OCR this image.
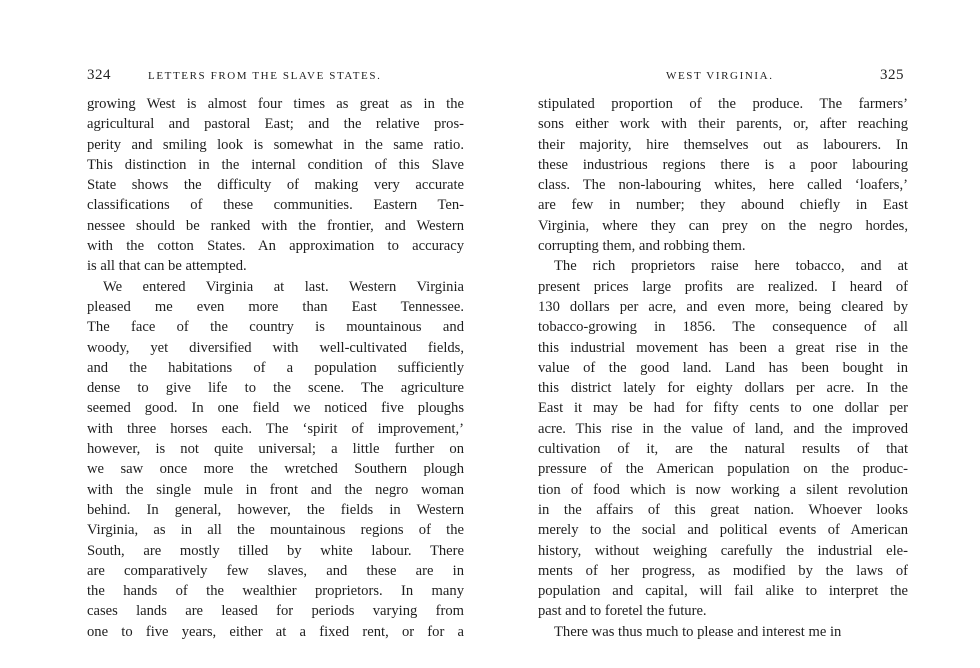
324	LETTERS FROM THE SLAVE STATES.
growing West is almost four times as great as in the
agricultural and pastoral East; and the relative pros-
perity and smiling look is somewhat in the same ratio.
This distinction in the internal condition of this Slave
State shows the difficulty of making very accurate
classifications of these communities. Eastern Ten-
nessee should be ranked with the frontier, and Western
with the cotton States. An approximation to accuracy
is all that can be attempted.
We entered Virginia at last. Western Virginia
pleased me even more than East Tennessee.
The face of the country is mountainous and
woody, yet diversified with well-cultivated fields,
and the habitations of a population sufficiently
dense to give life to the scene. The agriculture
seemed good. In one field we noticed five ploughs
with three horses each. The ‘spirit of improvement,’
however, is not quite universal; a little further on
we saw once more the wretched Southern plough
with the single mule in front and the negro woman
behind. In general, however, the fields in Western
Virginia, as in all the mountainous regions of the
South, are mostly tilled by white labour. There
are comparatively few slaves, and these are in
the hands of the wealthier proprietors. In many
cases lands are leased for periods varying from
one to five years, either at a fixed rent, or for a
WEST VIRGINIA.	325
stipulated proportion of the produce. The farmers’
sons either work with their parents, or, after reaching
their majority, hire themselves out as labourers. In
these industrious regions there is a poor labouring
class. The non-labouring whites, here called ‘loafers,’
are few in number; they abound chiefly in East
Virginia, where they can prey on the negro hordes,
corrupting them, and robbing them.
The rich proprietors raise here tobacco, and at
present prices large profits are realized. I heard of
130 dollars per acre, and even more, being cleared by
tobacco-growing in 1856. The consequence of all
this industrial movement has been a great rise in the
value of the good land. Land has been bought in
this district lately for eighty dollars per acre. In the
East it may be had for fifty cents to one dollar per
acre. This rise in the value of land, and the improved
cultivation of it, are the natural results of that
pressure of the American population on the produc-
tion of food which is now working a silent revolution
in the affairs of this great nation. Whoever looks
merely to the social and political events of American
history, without weighing carefully the industrial ele-
ments of her progress, as modified by the laws of
population and capital, will fail alike to interpret the
past and to foretel the future.
There was thus much to please and interest me in
